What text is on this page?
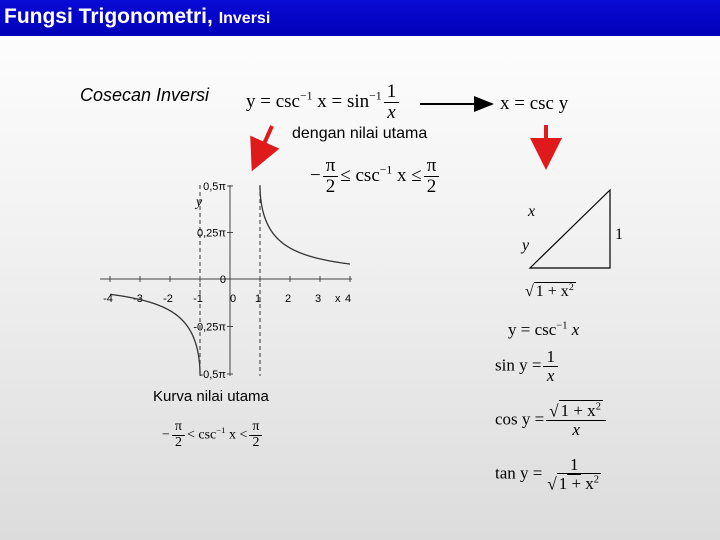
Fungsi Trigonometri, Inversi
Cosecan Inversi $y = \csc^{-1} x = \sin^{-1} \frac{1}{x}$	x = csc y
dengan nilai utama
− $\frac{\pi}{2} \le \csc^{-1} x \le \frac{\pi}{2}$
-4 -3 -2 -1	1 2 3 4
0
0,5π
0,25π
0
-0,25π
-0,5π
y
x
Kurva nilai utama
− $\frac{\pi}{2} < \csc^{-1} x < \frac{\pi}{2}$
x
y
1
√ $1 + x^2$
$y = \csc^{-1} x$
$\sin y = \frac{1}{x}$
$\cos y = \frac{√ 1 + x^2}{x}$
$\tan y = \frac{1}{√ 1 + x^2}$
